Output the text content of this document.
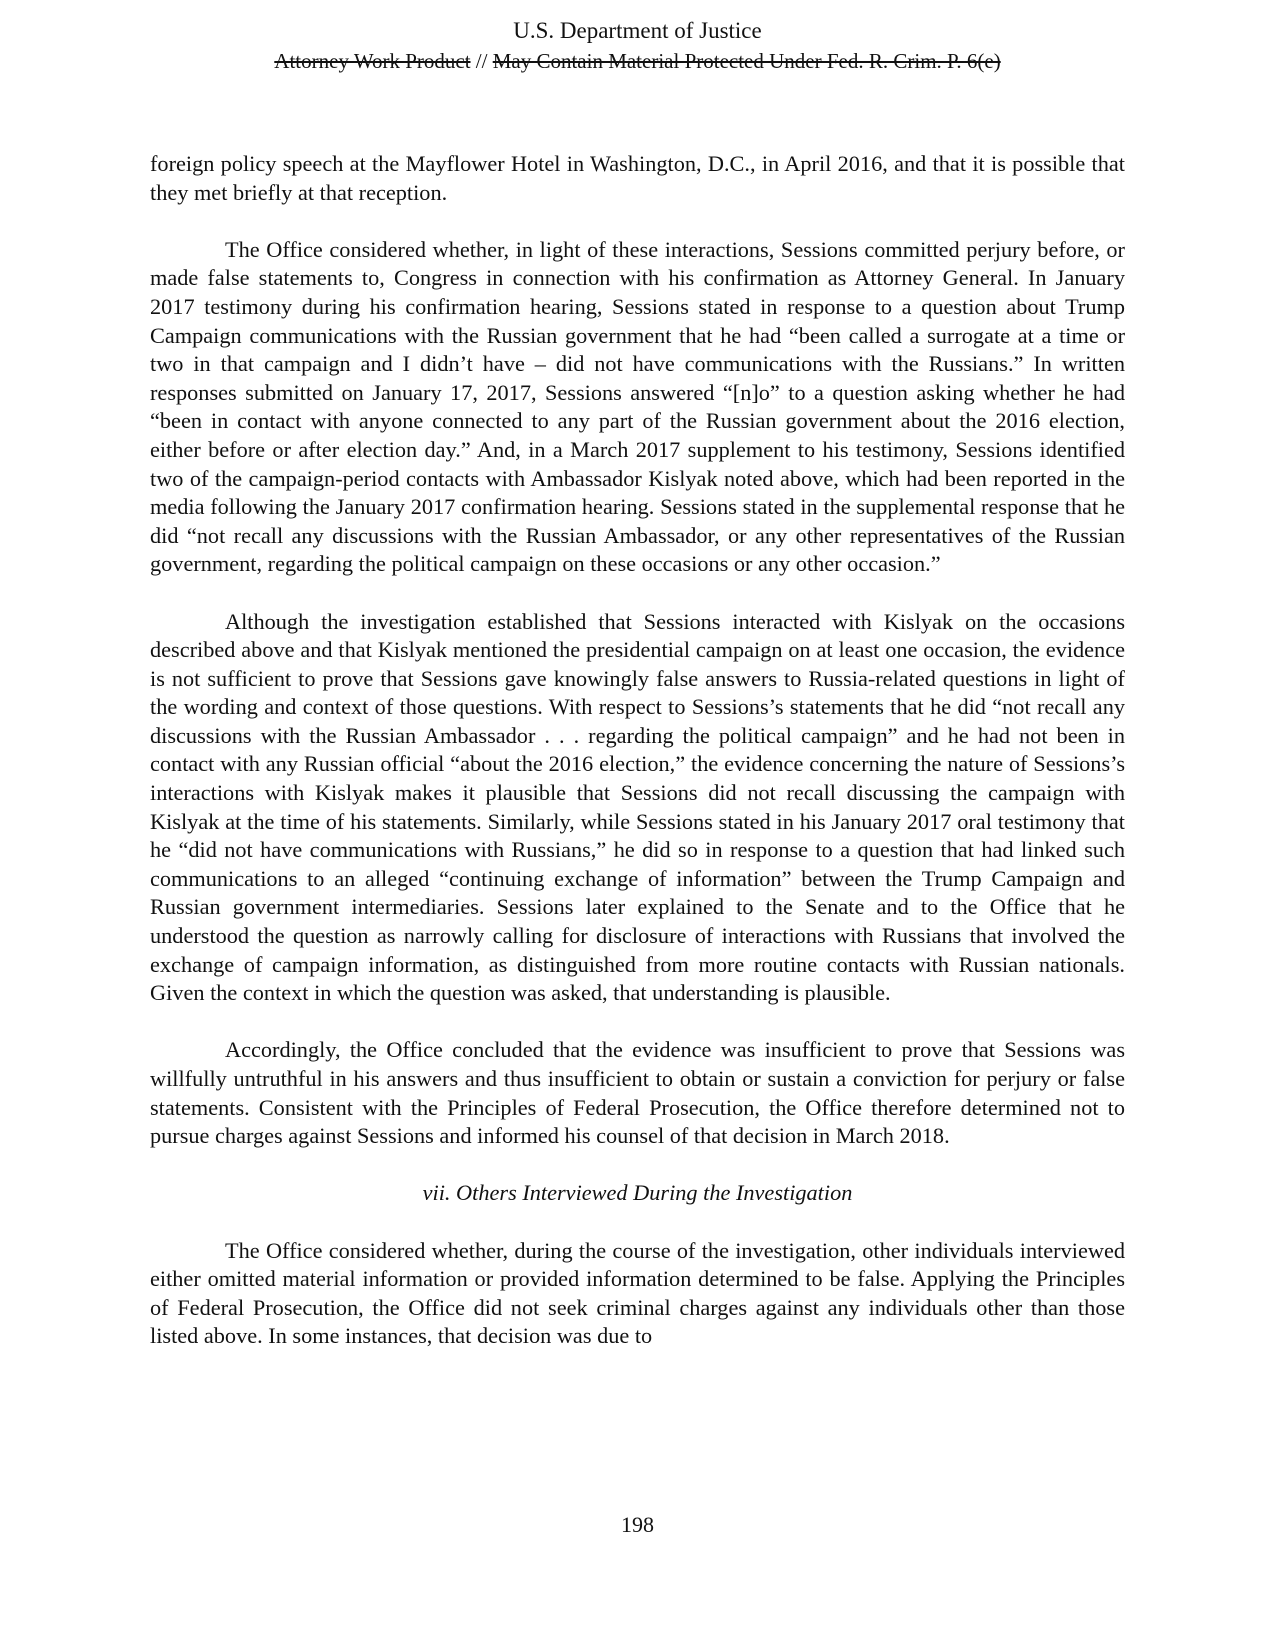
U.S. Department of Justice
Attorney Work Product // May Contain Material Protected Under Fed. R. Crim. P. 6(e)

foreign policy speech at the Mayflower Hotel in Washington, D.C., in April 2016, and that it is possible that they met briefly at that reception.

The Office considered whether, in light of these interactions, Sessions committed perjury before, or made false statements to, Congress in connection with his confirmation as Attorney General. In January 2017 testimony during his confirmation hearing, Sessions stated in response to a question about Trump Campaign communications with the Russian government that he had “been called a surrogate at a time or two in that campaign and I didn’t have – did not have communications with the Russians.” In written responses submitted on January 17, 2017, Sessions answered “[n]o” to a question asking whether he had “been in contact with anyone connected to any part of the Russian government about the 2016 election, either before or after election day.” And, in a March 2017 supplement to his testimony, Sessions identified two of the campaign-period contacts with Ambassador Kislyak noted above, which had been reported in the media following the January 2017 confirmation hearing. Sessions stated in the supplemental response that he did “not recall any discussions with the Russian Ambassador, or any other representatives of the Russian government, regarding the political campaign on these occasions or any other occasion.”

Although the investigation established that Sessions interacted with Kislyak on the occasions described above and that Kislyak mentioned the presidential campaign on at least one occasion, the evidence is not sufficient to prove that Sessions gave knowingly false answers to Russia-related questions in light of the wording and context of those questions. With respect to Sessions’s statements that he did “not recall any discussions with the Russian Ambassador . . . regarding the political campaign” and he had not been in contact with any Russian official “about the 2016 election,” the evidence concerning the nature of Sessions’s interactions with Kislyak makes it plausible that Sessions did not recall discussing the campaign with Kislyak at the time of his statements. Similarly, while Sessions stated in his January 2017 oral testimony that he “did not have communications with Russians,” he did so in response to a question that had linked such communications to an alleged “continuing exchange of information” between the Trump Campaign and Russian government intermediaries. Sessions later explained to the Senate and to the Office that he understood the question as narrowly calling for disclosure of interactions with Russians that involved the exchange of campaign information, as distinguished from more routine contacts with Russian nationals. Given the context in which the question was asked, that understanding is plausible.

Accordingly, the Office concluded that the evidence was insufficient to prove that Sessions was willfully untruthful in his answers and thus insufficient to obtain or sustain a conviction for perjury or false statements. Consistent with the Principles of Federal Prosecution, the Office therefore determined not to pursue charges against Sessions and informed his counsel of that decision in March 2018.

vii. Others Interviewed During the Investigation

The Office considered whether, during the course of the investigation, other individuals interviewed either omitted material information or provided information determined to be false. Applying the Principles of Federal Prosecution, the Office did not seek criminal charges against any individuals other than those listed above. In some instances, that decision was due to

198
